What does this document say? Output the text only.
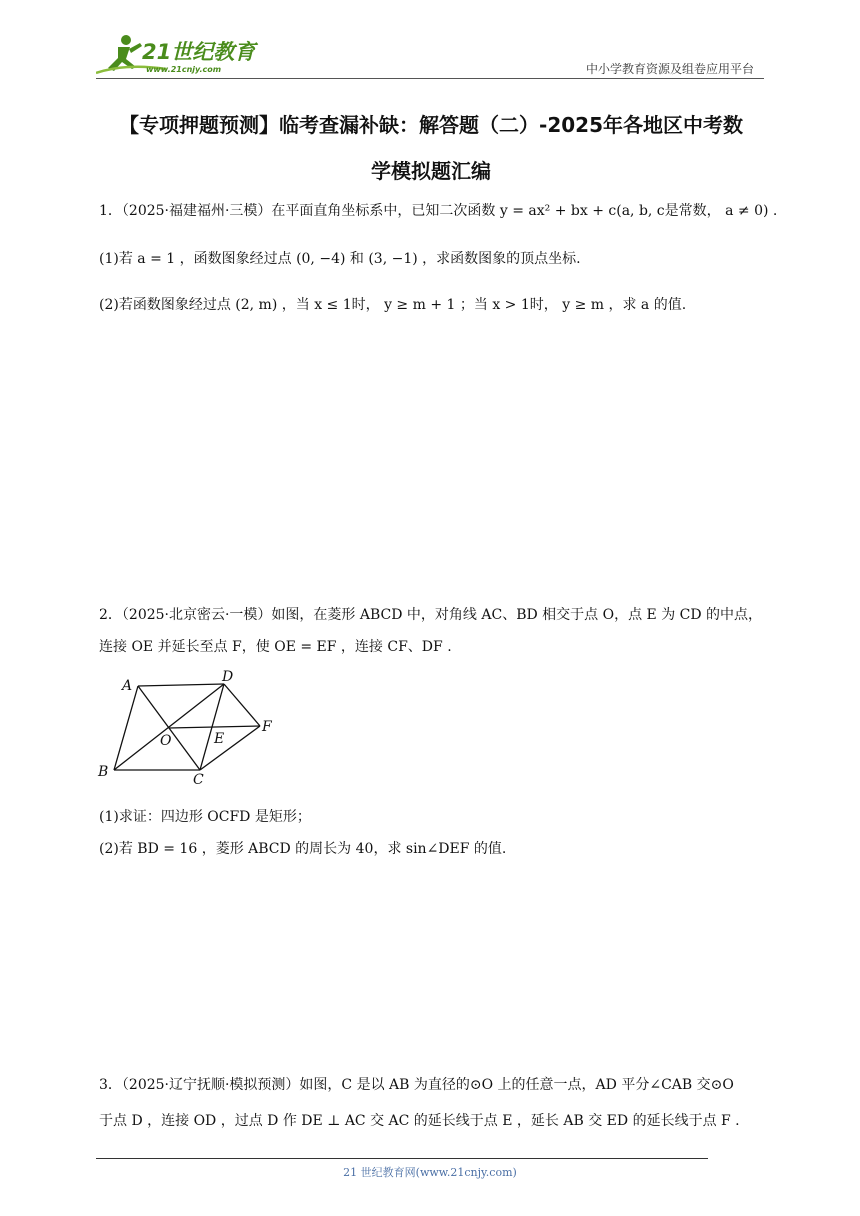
21世纪教育
www.21cnjy.com	中小学教育资源及组卷应用平台
【专项押题预测】临考查漏补缺：解答题（二）-2025年各地区中考数
学模拟题汇编
1．（2025·福建福州·三模）在平面直角坐标系中，已知二次函数 y = ax² + bx + c(a, b, c是常数， a ≠ 0) .
(1)若 a = 1 ，函数图象经过点 (0, −4) 和 (3, −1) ，求函数图象的顶点坐标.
(2)若函数图象经过点 (2, m) ，当 x ≤ 1时， y ≥ m + 1 ；当 x > 1时， y ≥ m ，求 a 的值.
2．（2025·北京密云·一模）如图，在菱形 ABCD 中，对角线 AC、BD 相交于点 O，点 E 为 CD 的中点，
连接 OE 并延长至点 F，使 OE = EF ，连接 CF、DF .
A
D
F
O	E
B	C
(1)求证：四边形 OCFD 是矩形；
(2)若 BD = 16 ，菱形 ABCD 的周长为 40，求 sin∠DEF 的值.
3．（2025·辽宁抚顺·模拟预测）如图，C 是以 AB 为直径的⊙O 上的任意一点，AD 平分∠CAB 交⊙O
于点 D ，连接 OD ，过点 D 作 DE ⊥ AC 交 AC 的延长线于点 E ，延长 AB 交 ED 的延长线于点 F .
21 世纪教育网(www.21cnjy.com)
